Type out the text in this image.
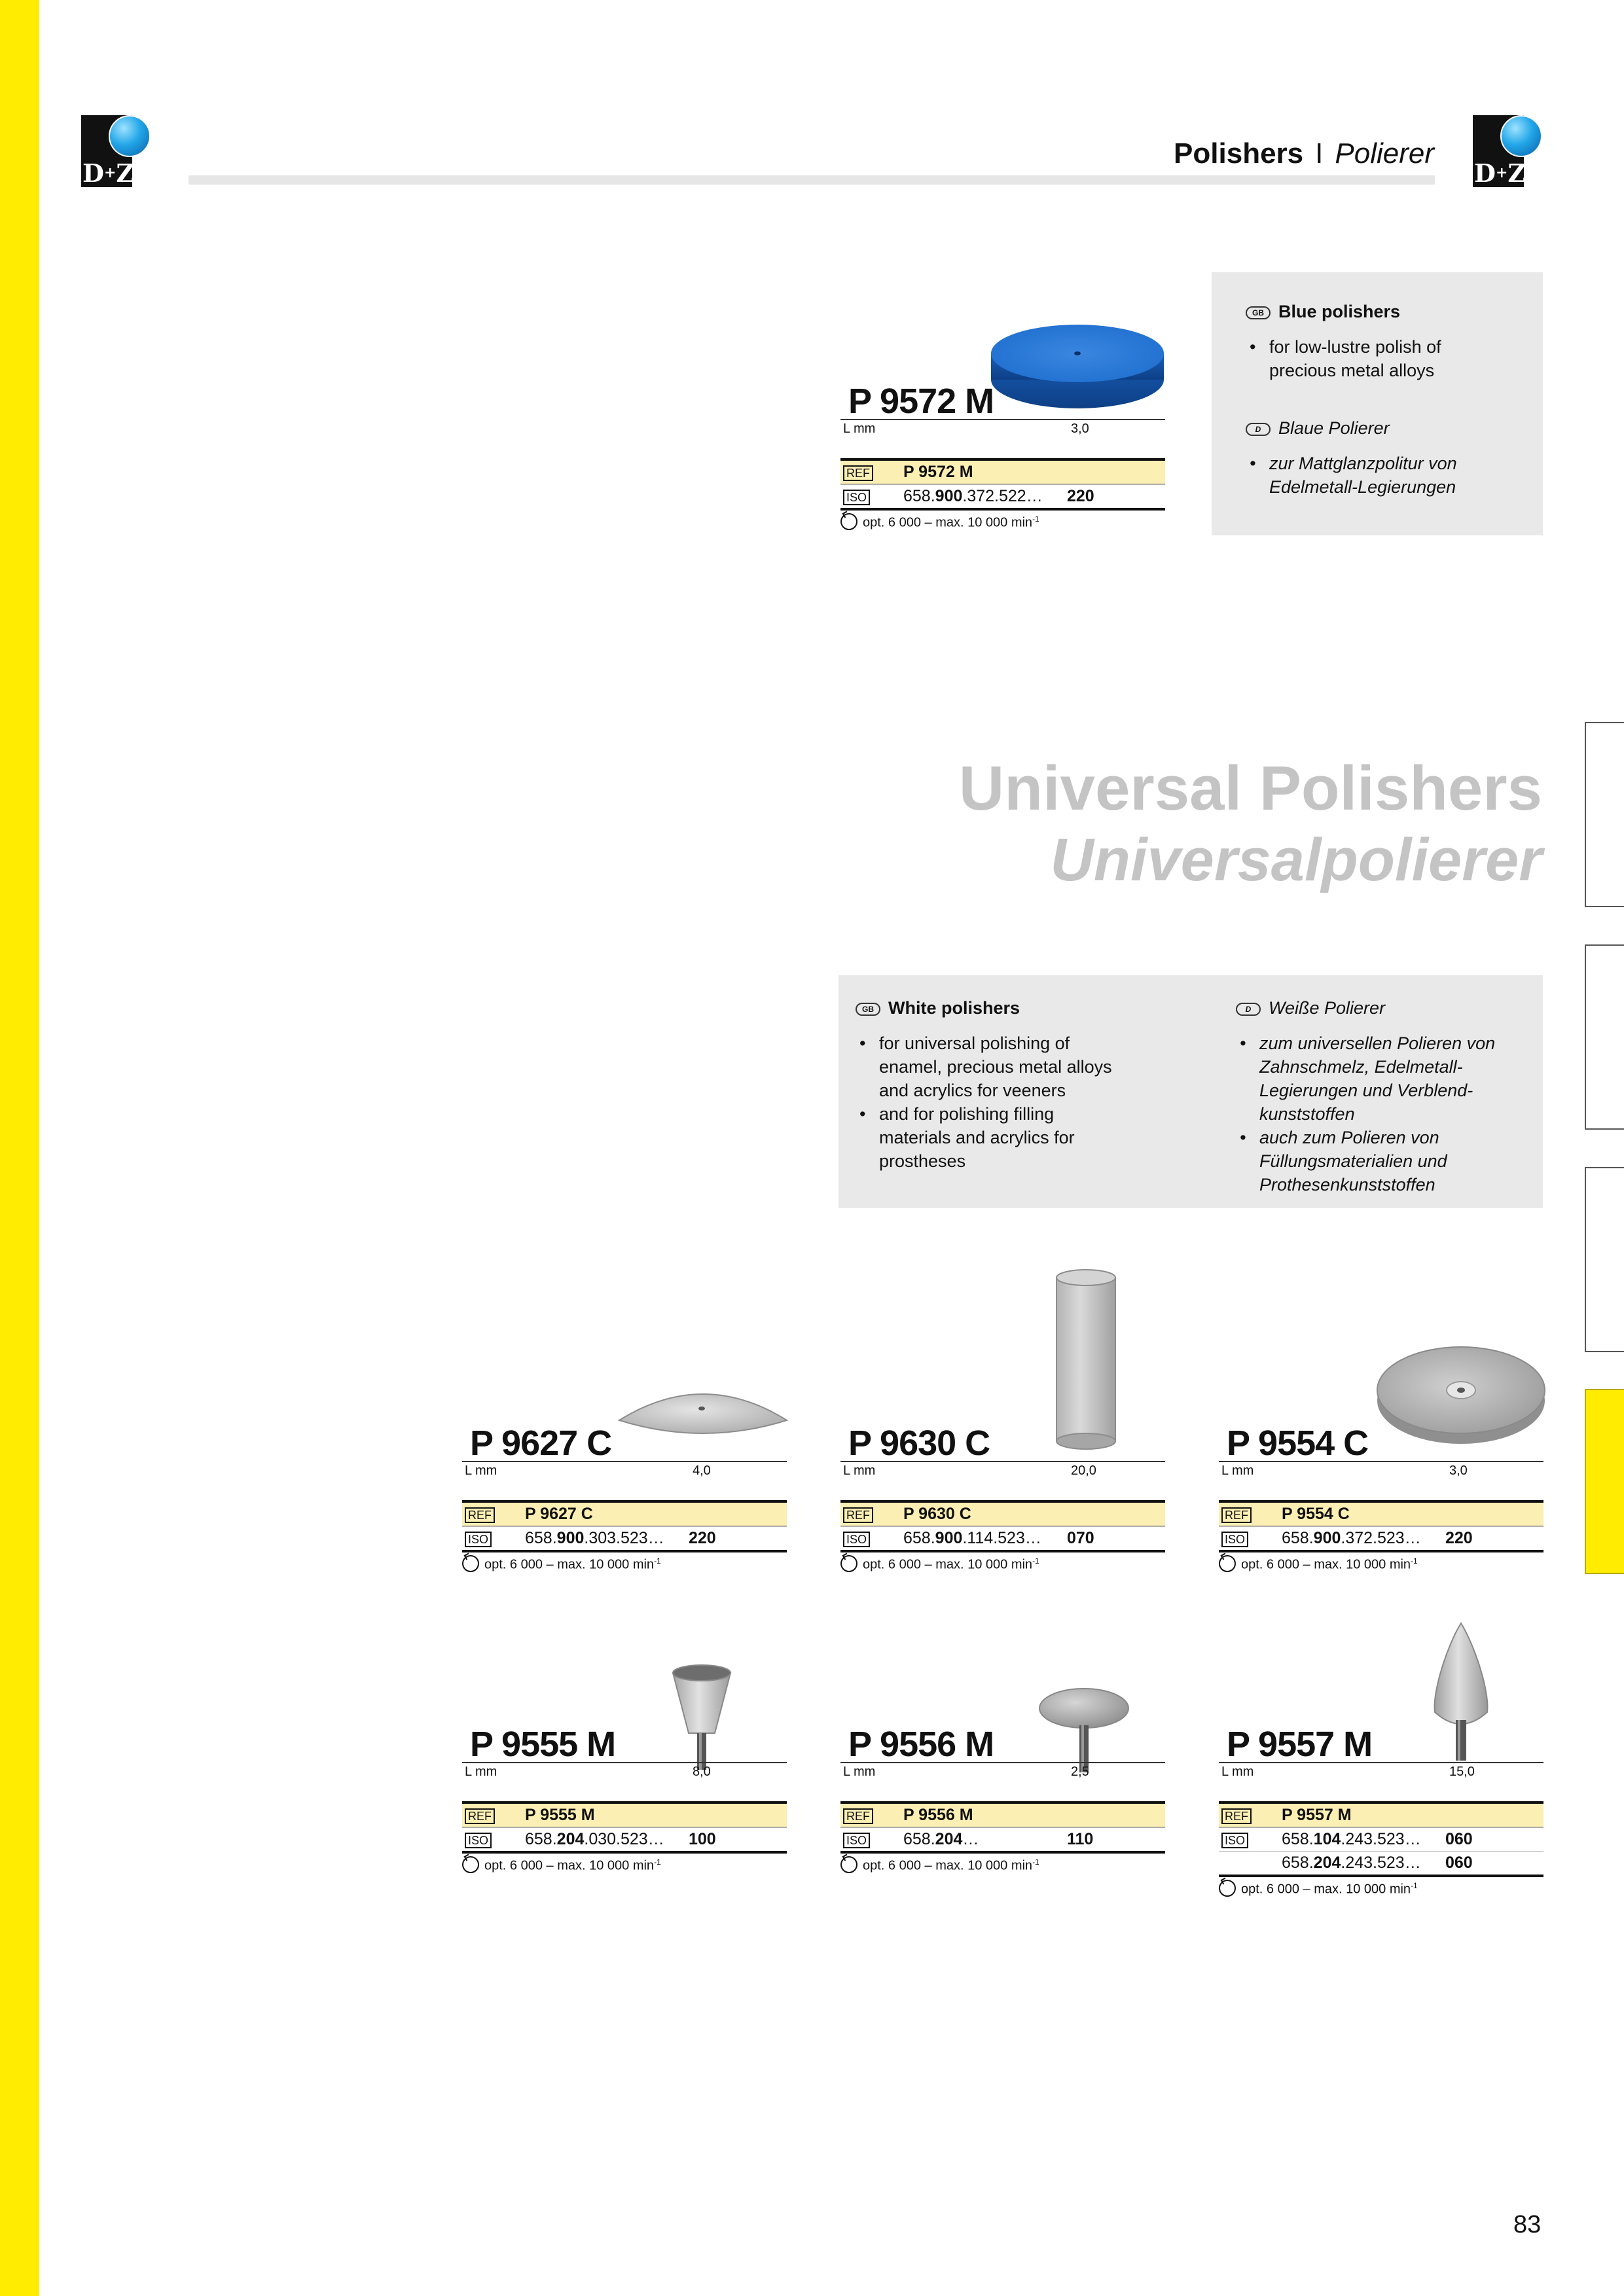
D + Z	D + Z
Polishers I Polierer
P 9572 M
L mm	3,0
REF P 9572 M
ISO 658.900.372.522… 220
opt. 6 000 – max. 10 000 $\min^{-1}$
GB Blue polishers
• for low-lustre polish of precious metal alloys
D Blaue Polierer
• zur Mattglanzpolitur von Edelmetall-Legierungen
Universal Polishers
Universalpolierer
GB White polishers
• for universal polishing of enamel, precious metal alloys and acrylics for veeners
• and for polishing filling materials and acrylics for prostheses
D Weiße Polierer
• zum universellen Polieren von Zahnschmelz, Edelmetall-Legierungen und Verblend-kunststoffen
• auch zum Polieren von Füllungsmaterialien und Prothesenkunststoffen
P 9627 C
L mm	4,0
REF P 9627 C
ISO 658.900.303.523… 220
opt. 6 000 – max. 10 000 $\min^{-1}$
P 9630 C
L mm	20,0
REF P 9630 C
ISO 658.900.114.523… 070
opt. 6 000 – max. 10 000 $\min^{-1}$
P 9554 C
L mm	3,0
REF P 9554 C
ISO 658.900.372.523… 220
opt. 6 000 – max. 10 000 $\min^{-1}$
P 9555 M
L mm	8,0
REF P 9555 M
ISO 658.204.030.523… 100
opt. 6 000 – max. 10 000 $\min^{-1}$
P 9556 M
L mm	2,5
REF P 9556 M
ISO 658.204…	110
opt. 6 000 – max. 10 000 $\min^{-1}$
P 9557 M
L mm	15,0
REF P 9557 M
ISO 658.104.243.523… 060
658.204.243.523… 060
opt. 6 000 – max. 10 000 $\min^{-1}$
83
